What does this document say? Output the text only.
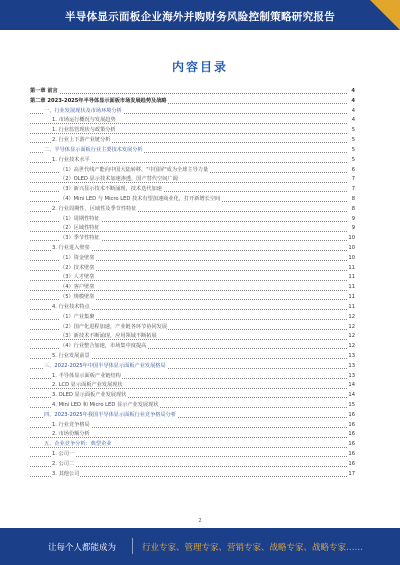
半导体显示面板企业海外并购财务风险控制策略研究报告
内容目录
第一章 前言	4
第二章 2023-2025年半导体显示面板市场发展趋势及战略	4
一、行业发展现状及市场环境分析	4
1. 市场运行概况与发展趋势	4
1. 行业监管现状与政策分析	5
2. 行业上下游产业链分析	5
二、半导体显示面板行业主要技术发展分析	5
1. 行业技术水平	5
（1）高世代线产能向中国大陆转移，"中国屏"成为全球主导力量	6
（2）OLED 显示技术加速渗透，国产替代空间广阔	7
（3）新兴显示技术不断涌现，技术迭代加速	7
（4）Mini LED 与 Micro LED 技术有望加速商业化，打开新增长空间	8
2. 行业周期性、区域性及季节性特征	8
（1）周期性特征	9
（2）区域性特征	9
（3）季节性特征	10
3. 行业进入壁垒	10
（1）资金壁垒	10
（2）技术壁垒	11
（3）人才壁垒	11
（4）客户壁垒	11
（5）规模壁垒	11
4. 行业技术特点	11
（1）产业集聚	12
（2）国产化进程加速，产业链各环节协同发展	12
（3）新技术不断涌现，应用领域不断拓展	12
（4）行业整合加速，市场集中度提高	12
5. 行业发展前景	13
三、2022-2025年中国半导体显示面板产业发展格局	13
1. 半导体显示面板产业链结构	13
2. LCD 显示面板产业发展现状	14
3. OLED 显示面板产业发展现状	14
4. Mini LED 和 Micro LED 显示产业发展现状	15
四、2023-2025年我国半导体显示面板行业竞争格局分析	16
1. 行业竞争格局	16
2. 市场份额分析	16
五、企业竞争分析：典型企业	16
1. 公司一	16
2. 公司二	16
3. 其他公司	17
2
让每个人都能成为	行业专家、管理专家、营销专家、战略专家、战略专家……
